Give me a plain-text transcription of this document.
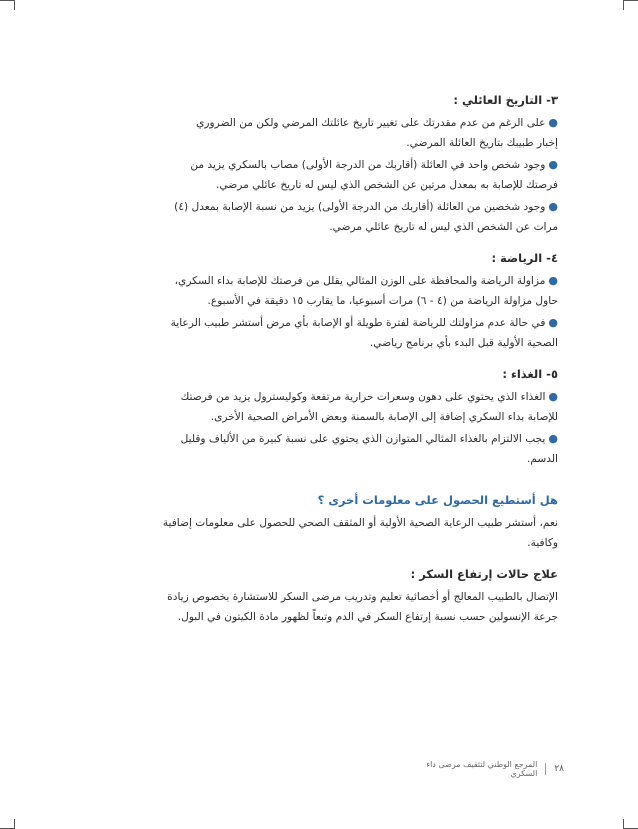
٣- التاريخ العائلي :

●على الرغم من عدم مقدرتك على تغيير تاريخ عائلتك المرضي ولكن من الضروري
إخبار طبيبك بتاريخ العائلة المرضي.

●وجود شخص واحد في العائلة (أقاربك من الدرجة الأولى) مصاب بالسكري يزيد من
فرصتك للإصابة به بمعدل مرتين عن الشخص الذي ليس له تاريخ عائلي مرضي.

●وجود شخصين من العائلة (أقاربك من الدرجة الأولى) يزيد من نسبة الإصابة بمعدل (٤)
مرات عن الشخص الذي ليس له تاريخ عائلي مرضي.

٤- الرياضة :

●مزاولة الرياضة والمحافظة على الوزن المثالي يقلل من فرصتك للإصابة بداء السكري،
حاول مزاولة الرياضة من (٤ - ٦) مرات أسبوعيا، ما يقارب ١٥ دقيقة في الأسبوع.

●في حالة عدم مزاولتك للرياضة لفترة طويلة أو الإصابة بأي مرض أستشر طبيب الرعاية
الصحية الأولية قبل البدء بأي برنامج رياضي.

٥- الغذاء :

●الغذاء الذي يحتوي على دهون وسعرات حرارية مرتفعة وكوليسترول يزيد من فرصتك
للإصابة بداء السكري إضافة إلى الإصابة بالسمنة وبعض الأمراض الصحية الأخرى.

●يجب الالتزام بالغذاء المثالي المتوازن الذي يحتوي على نسبة كبيرة من الألياف وقليل
الدسم.

هل أستطيع الحصول على معلومات أخرى ؟

نعم، أستشر طبيب الرعاية الصحية الأولية أو المثقف الصحي للحصول على معلومات إضافية
وكافية.

علاج حالات إرتفاع السكر :

الإتصال بالطبيب المعالج أو أخصائية تعليم وتدريب مرضى السكر للاستشارة بخصوص زيادة
جرعة الإنسولين حسب نسبة إرتفاع السكر في الدم وتبعاً لظهور مادة الكيتون في البول.

٢٨
المرجع الوطني لتثقيف مرضى داء السكري
